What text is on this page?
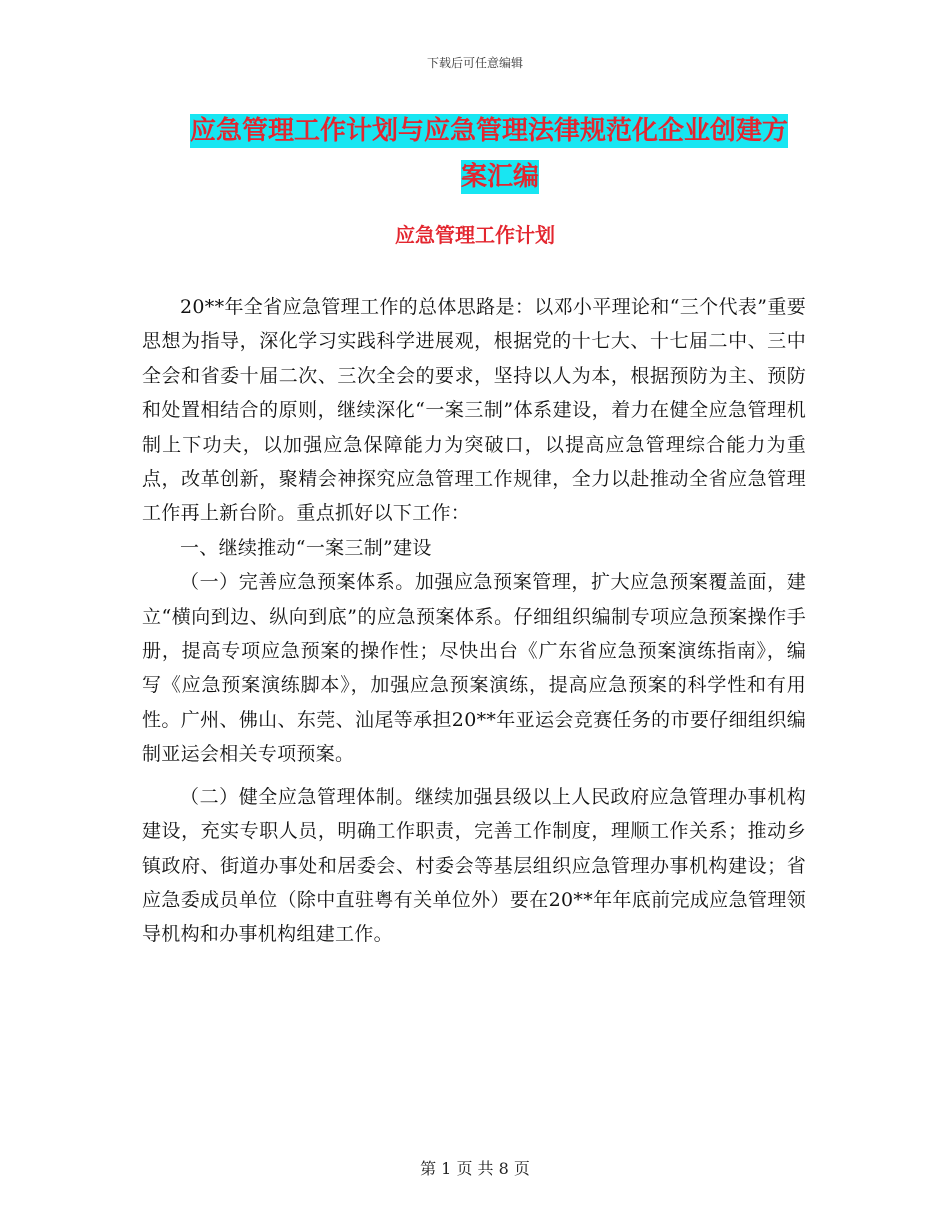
下载后可任意编辑
应急管理工作计划与应急管理法律规范化企业创建方
案汇编
应急管理工作计划

20**年全省应急管理工作的总体思路是：以邓小平理论和“三个代表”重要思想为指导，深化学习实践科学进展观，根据党的十七大、十七届二中、三中全会和省委十届二次、三次全会的要求，坚持以人为本，根据预防为主、预防和处置相结合的原则，继续深化“一案三制”体系建设，着力在健全应急管理机制上下功夫，以加强应急保障能力为突破口，以提高应急管理综合能力为重点，改革创新，聚精会神探究应急管理工作规律，全力以赴推动全省应急管理工作再上新台阶。重点抓好以下工作：

一、继续推动“一案三制”建设

（一）完善应急预案体系。加强应急预案管理，扩大应急预案覆盖面，建立“横向到边、纵向到底”的应急预案体系。仔细组织编制专项应急预案操作手册，提高专项应急预案的操作性；尽快出台《广东省应急预案演练指南》，编写《应急预案演练脚本》，加强应急预案演练，提高应急预案的科学性和有用性。广州、佛山、东莞、汕尾等承担20**年亚运会竞赛任务的市要仔细组织编制亚运会相关专项预案。

（二）健全应急管理体制。继续加强县级以上人民政府应急管理办事机构建设，充实专职人员，明确工作职责，完善工作制度，理顺工作关系；推动乡镇政府、街道办事处和居委会、村委会等基层组织应急管理办事机构建设；省应急委成员单位（除中直驻粤有关单位外）要在20**年年底前完成应急管理领导机构和办事机构组建工作。

第 1 页 共 8 页
